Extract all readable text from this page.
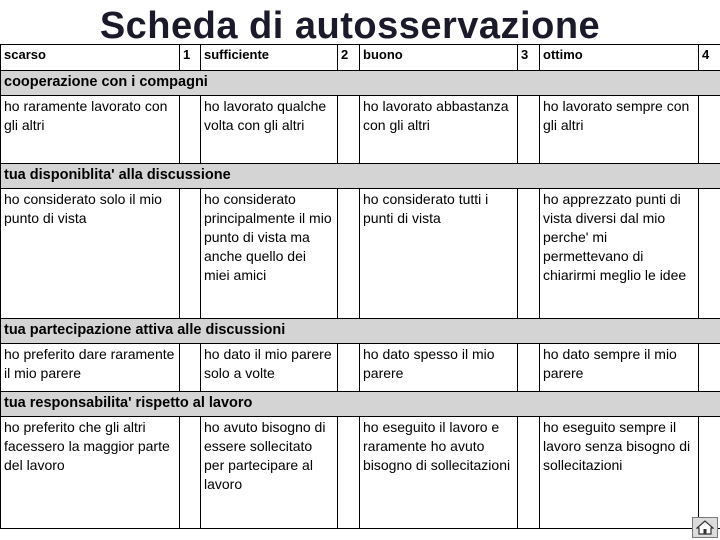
Scheda di autosservazione
scarso	1	sufficiente	2	buono	3	ottimo	4
cooperazione con i compagni							
ho raramente lavorato con gli altri		ho lavorato qualche volta con gli altri		ho lavorato abbastanza con gli altri		ho lavorato sempre con gli altri	
tua disponiblita' alla discussione							
ho considerato solo il mio punto di vista		ho considerato principalmente il mio punto di vista ma anche quello dei miei amici		ho considerato tutti i punti di vista		ho apprezzato punti di vista diversi dal mio perche' mi permettevano di chiarirmi meglio le idee	
tua partecipazione attiva alle discussioni							
ho preferito dare raramente il mio parere		ho dato il mio parere solo a volte		ho dato spesso il mio parere		ho dato sempre il mio parere	
tua responsabilita' rispetto al lavoro							
ho preferito che gli altri facessero la maggior parte del lavoro		ho avuto bisogno di essere sollecitato per partecipare al lavoro		ho eseguito il lavoro e raramente ho avuto bisogno di sollecitazioni		ho eseguito sempre il lavoro senza bisogno di sollecitazioni	
